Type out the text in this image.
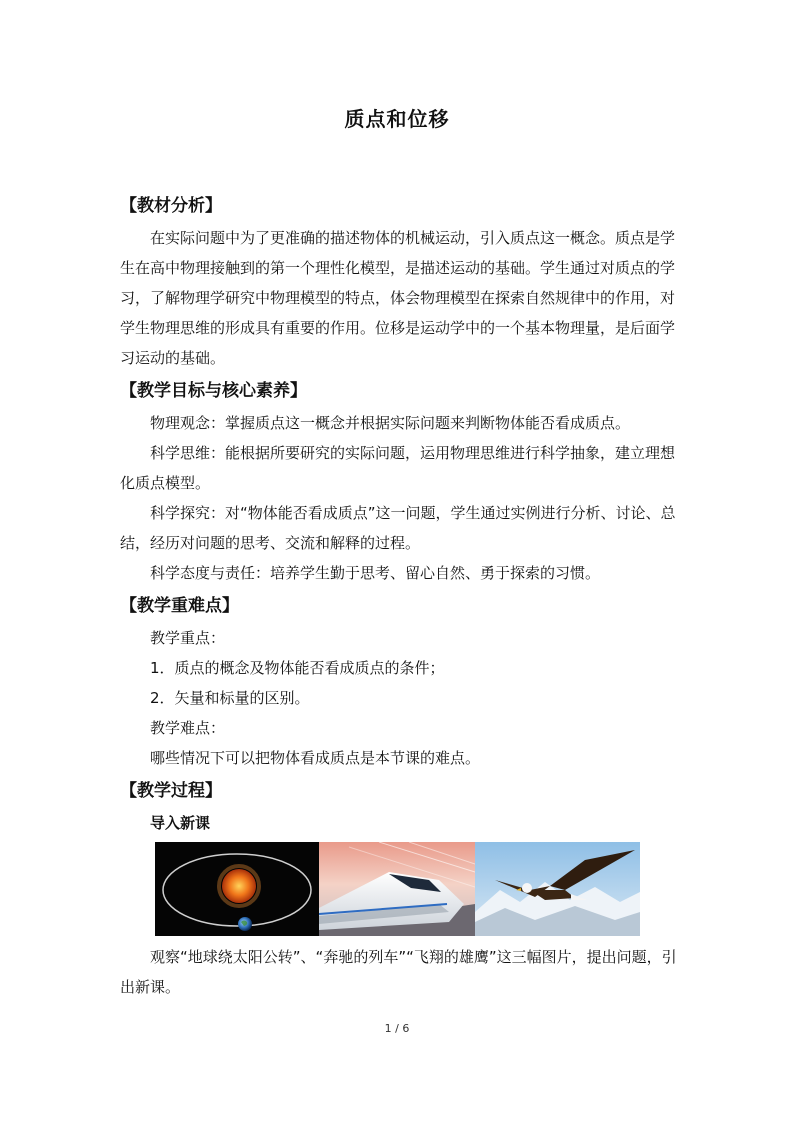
质点和位移
【教材分析】

在实际问题中为了更准确的描述物体的机械运动，引入质点这一概念。质点是学生在高中物理接触到的第一个理性化模型，是描述运动的基础。学生通过对质点的学习，了解物理学研究中物理模型的特点，体会物理模型在探索自然规律中的作用，对学生物理思维的形成具有重要的作用。位移是运动学中的一个基本物理量，是后面学习运动的基础。

【教学目标与核心素养】

物理观念：掌握质点这一概念并根据实际问题来判断物体能否看成质点。

科学思维：能根据所要研究的实际问题，运用物理思维进行科学抽象，建立理想化质点模型。

科学探究：对“物体能否看成质点”这一问题，学生通过实例进行分析、讨论、总结，经历对问题的思考、交流和解释的过程。

科学态度与责任：培养学生勤于思考、留心自然、勇于探索的习惯。

【教学重难点】
教学重点：
1．质点的概念及物体能否看成质点的条件；
2．矢量和标量的区别。
教学难点：
哪些情况下可以把物体看成质点是本节课的难点。
【教学过程】
导入新课

观察“地球绕太阳公转”、“奔驰的列车”“飞翔的雄鹰”这三幅图片，提出问题，引出新课。

1 / 6
